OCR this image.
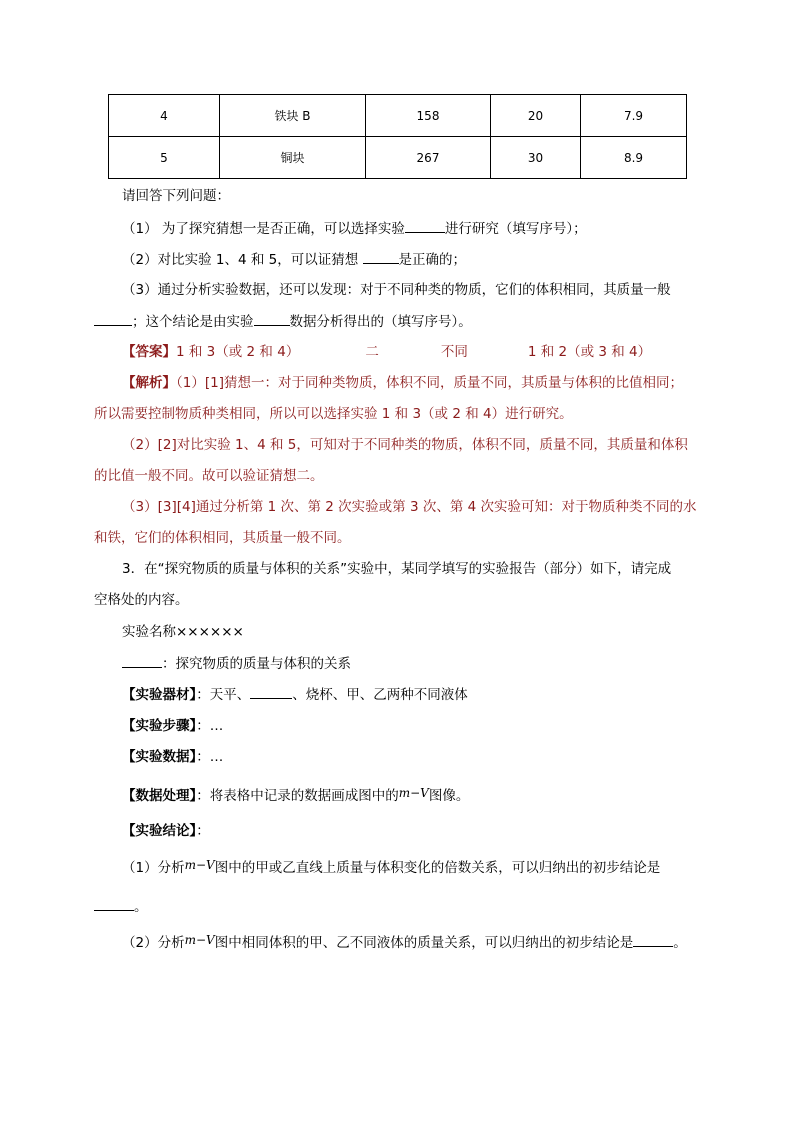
4	铁块 B	158	20	7.9
5	铜块	267	30	8.9
请回答下列问题：
（1） 为了探究猜想一是否正确，可以选择实验	进行研究（填写序号）；
（2）对比实验 1、4 和 5，可以证猜想	是正确的；
（3）通过分析实验数据，还可以发现：对于不同种类的物质，它们的体积相同，其质量一般
；这个结论是由实验	数据分析得出的（填写序号）。
【答案】1 和 3（或 2 和 4）	二	不同	1 和 2（或 3 和 4）
【解析】（1）[1]猜想一：对于同种类物质，体积不同，质量不同，其质量与体积的比值相同；
所以需要控制物质种类相同，所以可以选择实验 1 和 3（或 2 和 4）进行研究。
（2）[2]对比实验 1、4 和 5，可知对于不同种类的物质，体积不同，质量不同，其质量和体积
的比值一般不同。故可以验证猜想二。
（3）[3][4]通过分析第 1 次、第 2 次实验或第 3 次、第 4 次实验可知：对于物质种类不同的水
和铁，它们的体积相同，其质量一般不同。
3．在“探究物质的质量与体积的关系”实验中，某同学填写的实验报告（部分）如下，请完成
空格处的内容。
实验名称××××××
：探究物质的质量与体积的关系
【实验器材】：天平、	、烧杯、甲、乙两种不同液体
【实验步骤】：…
【实验数据】：…
【数据处理】：将表格中记录的数据画成图中的m−V图像。
【实验结论】：
（1）分析m−V图中的甲或乙直线上质量与体积变化的倍数关系，可以归纳出的初步结论是
。
（2）分析m−V图中相同体积的甲、乙不同液体的质量关系，可以归纳出的初步结论是	。
